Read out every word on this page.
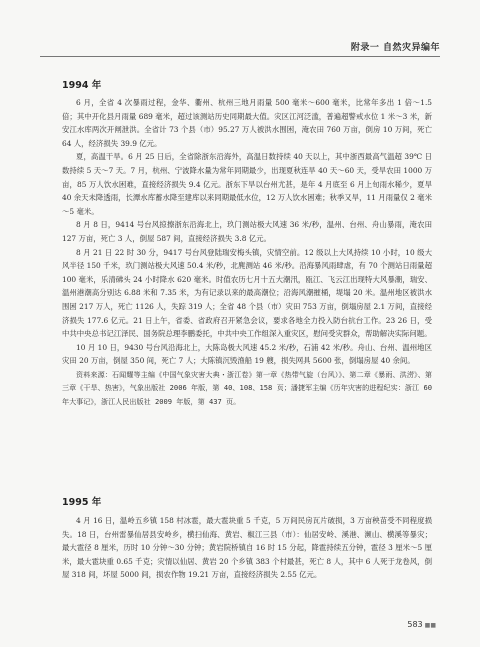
附录一 自然灾异编年
1994 年

6 月，全省 4 次暴雨过程，金华、衢州、杭州三地月雨量 500 毫米～600 毫米，比常年多出 1 倍～1.5 倍；其中开化县月雨量 689 毫米，超过该测站历史同期最大值。灾区江河泛滥，普遍超警戒水位 1 米～3 米，新安江水库两次开闸泄洪。全省计 73 个县（市）95.27 万人被洪水围困，淹农田 760 万亩，倒房 10 万间，死亡 64 人，经济损失 39.9 亿元。

夏，高温干旱。6 月 25 日后，全省除浙东沿海外，高温日数持续 40 天以上，其中浙西最高气温超 39℃ 日数持续 5 天～7 天。7 月，杭州、宁波降水量为常年同期最少，出现夏秋连旱 40 天～60 天，受旱农田 1000 万亩，85 万人饮水困难，直接经济损失 9.4 亿元。浙东下旱以台州尤甚，是年 4 月底至 6 月上旬雨水稀少，夏旱 40 余天未降透雨，长潭水库蓄水降至建库以来同期最低水位，12 万人饮水困难；秋季又旱，11 月雨量仅 2 毫米～5 毫米。

8 月 8 日，9414 号台风掠擦浙东沿海北上，玖门测站极大风速 36 米/秒，温州、台州、舟山暴雨，淹农田 127 万亩，死亡 3 人，倒屋 587 间，直接经济损失 3.8 亿元。

8 月 21 日 22 时 30 分，9417 号台风登陆瑞安梅头镇，灾情空前。12 级以上大风持续 10 小时，10 级大风半径 150 千米，玖门测站极大风速 50.4 米/秒，北麂测站 46 米/秒。沿海暴风雨肆虐，有 70 个测站日雨量超 100 毫米，乐清砩头 24 小时降水 620 毫米。时值农历七月十五大潮汛，瓯江、飞云江出现特大风暴潮，瑞安、温州港潮高分别达 6.88 米和 7.35 米，为有记录以来的最高潮位；沿海风潮摧桶，堤塌 20 米。温州地区被洪水围困 217 万人，死亡 1126 人，失踪 319 人；全省 48 个县（市）灾田 753 万亩，倒塌房屋 2.1 万间，直接经济损失 177.6 亿元。21 日上午，省委、省政府召开紧急会议，要求各地全力投入防台抗台工作。23 26 日，受中共中央总书记江泽民、国务院总理李鹏委托，中共中央工作组深入重灾区，慰问受灾群众，帮助解决实际问题。

10 月 10 日，9430 号台风沿海北上，大陈岛极大风速 45.2 米/秒，石浦 42 米/秒。舟山、台州、温州地区灾田 20 万亩，倒屋 350 间，死亡 7 人；大陈镇沉毁渔船 19 艘，损失网具 5600 张，倒塌房屋 40 余间。

资料来源：石闻耀等主编《中国气象灾害大典・浙江卷》第一章《热带气旋（台风）》、第二章《暴雨、洪涝》、第三章《干旱、热害》，气象出版社 2006 年版，第 40、108、158 页；潘捷军主编《历年灾害的进程纪实：浙江 60 年大事记》，浙江人民出版社 2009 年版，第 437 页。

1995 年

4 月 16 日，温岭五乡镇 158 村冰雹，最大雹块重 5 千克，5 万间民房瓦片破损，3 万亩秧苗受不同程度损失。18 日，台州雷暴仙居县安岭乡，横扫仙海、黄岩、椒江三县（市）：仙居安岭、溪港、濒山、横溪等暴灾；最大雹径 8 厘米，历时 10 分钟～30 分钟；黄岩院桥镇自 16 时 15 分起，降雹持续五分钟，雹径 3 厘米～5 厘米，最大雹块重 0.65 千克；灾情以仙居、黄岩 20 个乡镇 383 个村最甚，死亡 8 人，其中 6 人死于龙卷风，倒屋 318 间，坏屋 5000 间，损农作物 19.21 万亩，直接经济损失 2.55 亿元。

583 ■■
